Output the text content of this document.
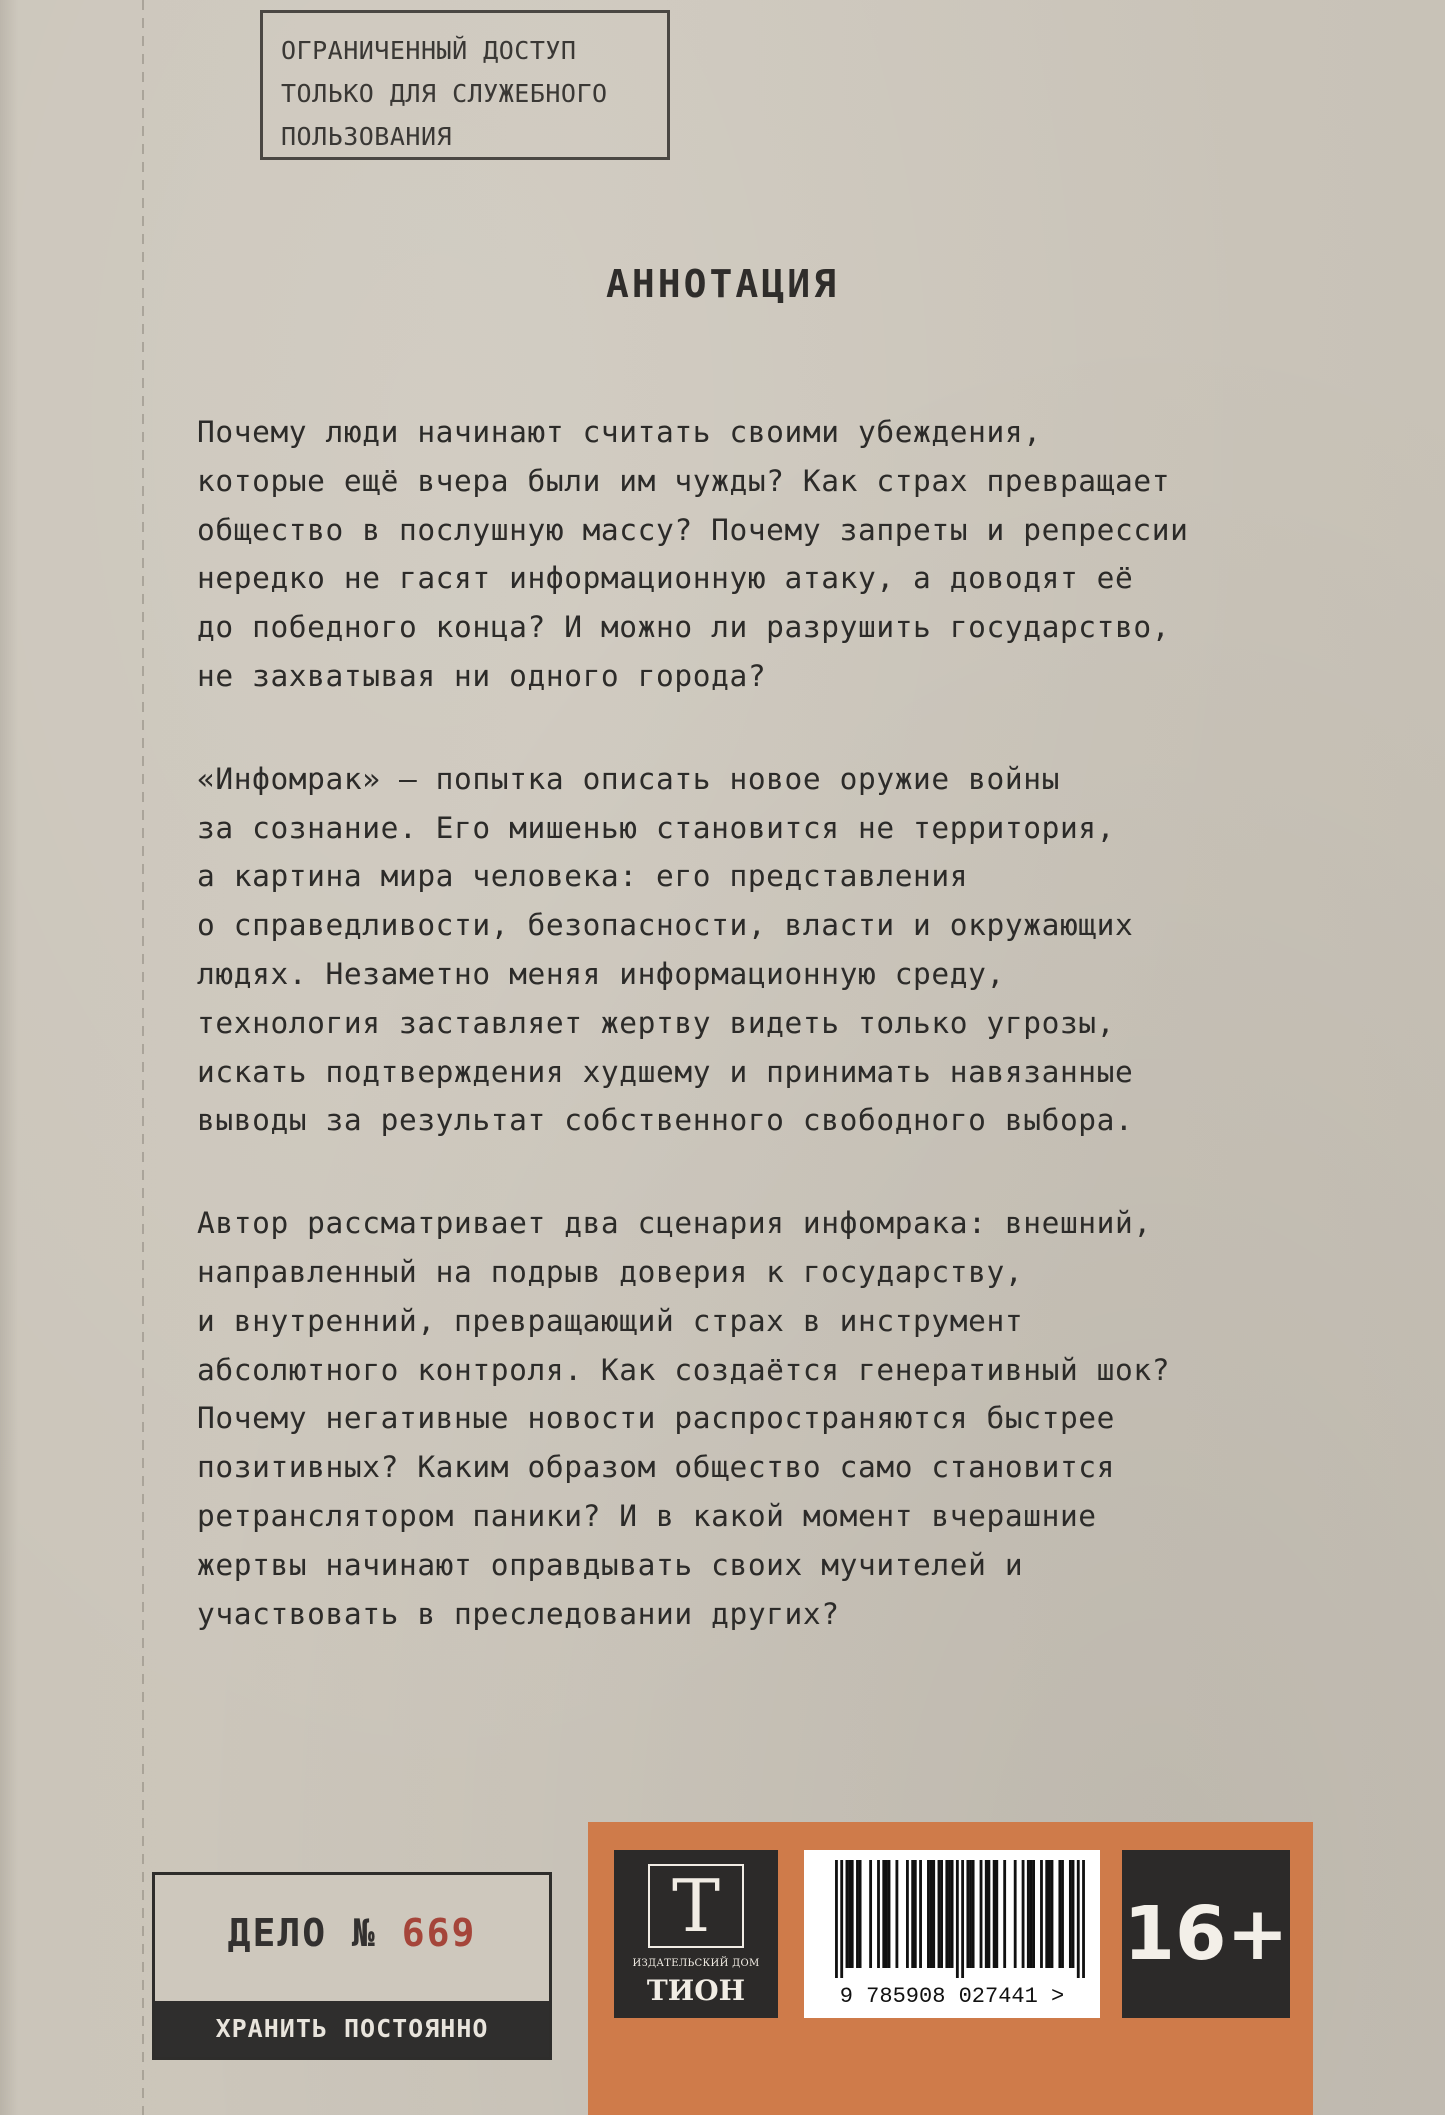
ОГРАНИЧЕННЫЙ ДОСТУП
ТОЛЬКО ДЛЯ СЛУЖЕБНОГО
ПОЛЬЗОВАНИЯ
АННОТАЦИЯ
Почему люди начинают считать своими убеждения,
которые ещё вчера были им чужды? Как страх превращает
общество в послушную массу? Почему запреты и репрессии
нередко не гасят информационную атаку, а доводят её
до победного конца? И можно ли разрушить государство,
не захватывая ни одного города?
«Инфомрак» – попытка описать новое оружие войны
за сознание. Его мишенью становится не территория,
а картина мира человека: его представления
о справедливости, безопасности, власти и окружающих
людях. Незаметно меняя информационную среду,
технология заставляет жертву видеть только угрозы,
искать подтверждения худшему и принимать навязанные
выводы за результат собственного свободного выбора.
Автор рассматривает два сценария инфомрака: внешний,
направленный на подрыв доверия к государству,
и внутренний, превращающий страх в инструмент
абсолютного контроля. Как создаётся генеративный шок?
Почему негативные новости распространяются быстрее
позитивных? Каким образом общество само становится
ретранслятором паники? И в какой момент вчерашние
жертвы начинают оправдывать своих мучителей и
участвовать в преследовании других?
ДЕЛО № 669
ХРАНИТЬ ПОСТОЯННО
Т
ИЗДАТЕЛЬСКИЙ ДОМ
ТИОН	9 785908 027441 >
16+
